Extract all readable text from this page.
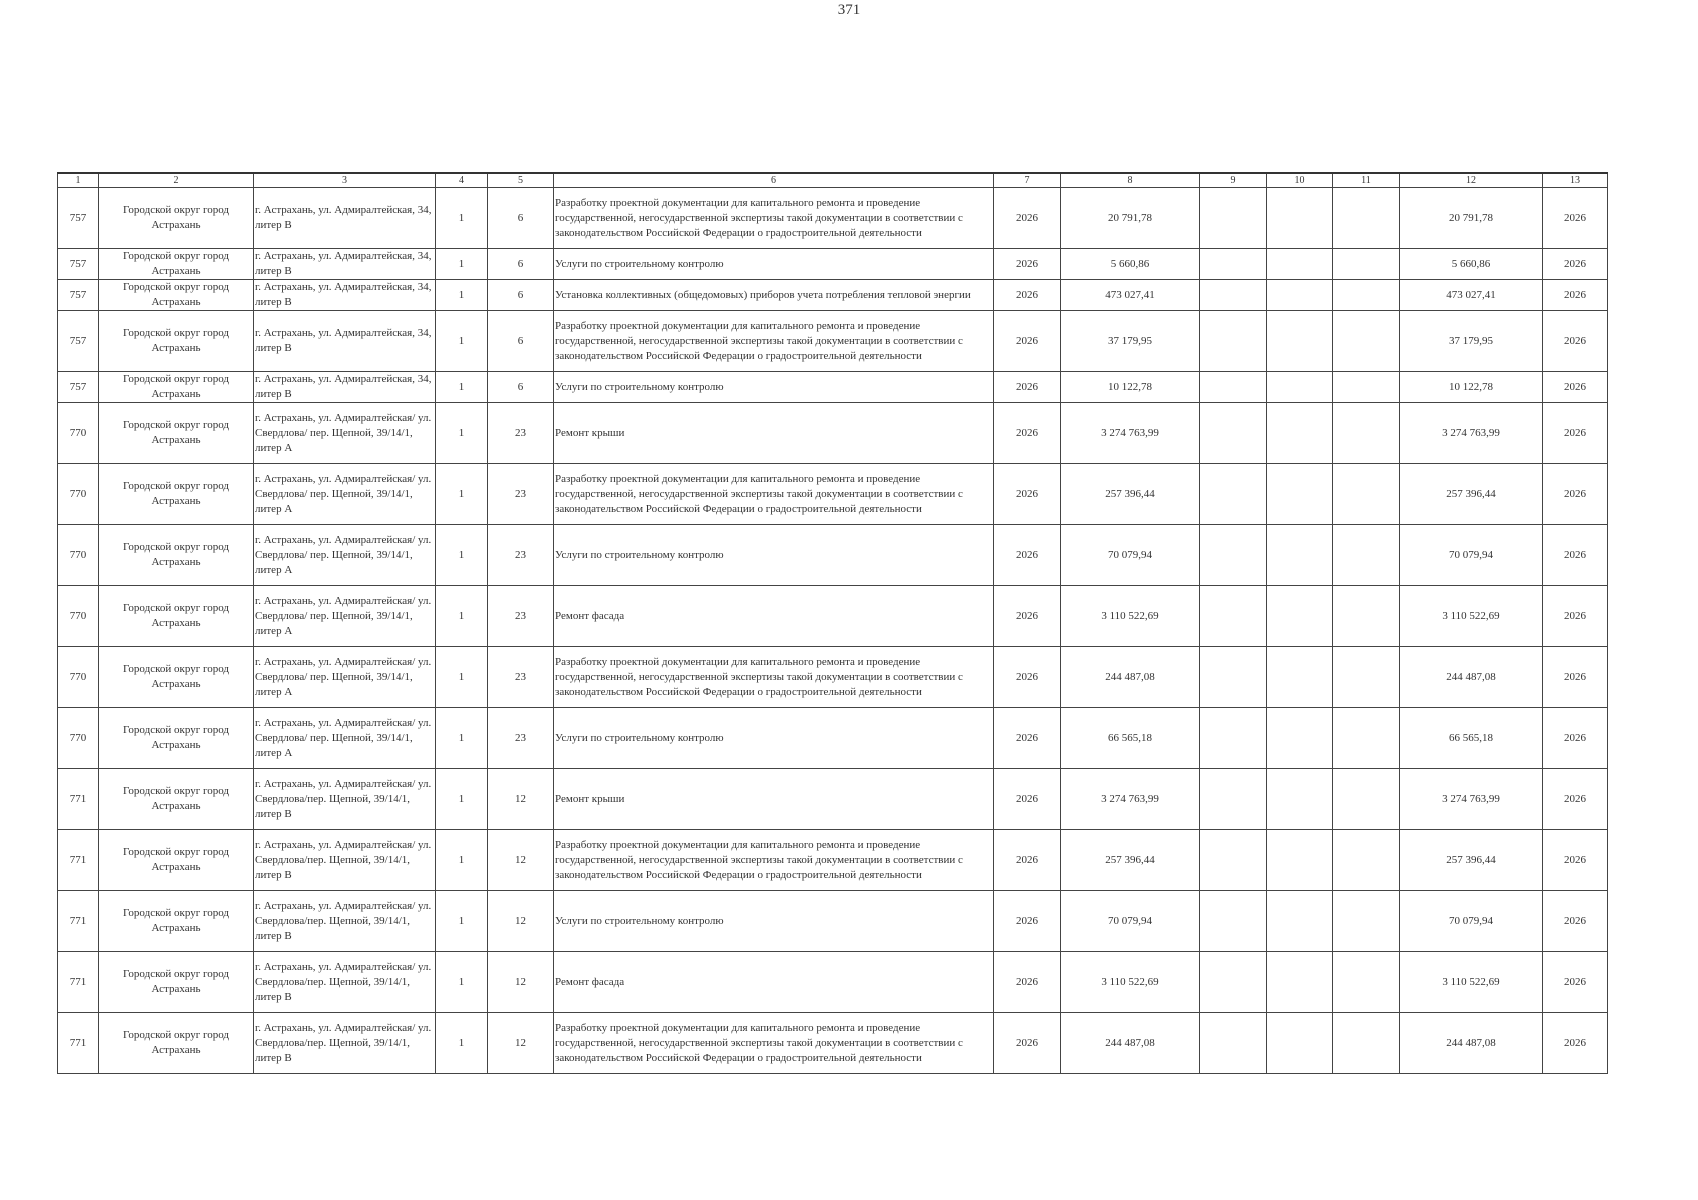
371
1	2	3	4	5	6	7	8	9	10	11	12	13
757	Городской округ город Астрахань	г. Астрахань, ул. Адмиралтейская, 34, литер В	1	6	Разработку проектной документации для капитального ремонта и проведение государственной, негосударственной экспертизы такой документации в соответствии с законодательством Российской Федерации о градостроительной деятельности	2026	20 791,78				20 791,78	2026
757	Городской округ город Астрахань	г. Астрахань, ул. Адмиралтейская, 34, литер В	1	6	Услуги по строительному контролю	2026	5 660,86				5 660,86	2026
757	Городской округ город Астрахань	г. Астрахань, ул. Адмиралтейская, 34, литер В	1	6	Установка коллективных (общедомовых) приборов учета потребления тепловой энергии	2026	473 027,41				473 027,41	2026
757	Городской округ город Астрахань	г. Астрахань, ул. Адмиралтейская, 34, литер В	1	6	Разработку проектной документации для капитального ремонта и проведение государственной, негосударственной экспертизы такой документации в соответствии с законодательством Российской Федерации о градостроительной деятельности	2026	37 179,95				37 179,95	2026
757	Городской округ город Астрахань	г. Астрахань, ул. Адмиралтейская, 34, литер В	1	6	Услуги по строительному контролю	2026	10 122,78				10 122,78	2026
770	Городской округ город Астрахань	г. Астрахань, ул. Адмиралтейская/ ул. Свердлова/ пер. Щепной, 39/14/1, литер А	1	23	Ремонт крыши	2026	3 274 763,99				3 274 763,99	2026
770	Городской округ город Астрахань	г. Астрахань, ул. Адмиралтейская/ ул. Свердлова/ пер. Щепной, 39/14/1, литер А	1	23	Разработку проектной документации для капитального ремонта и проведение государственной, негосударственной экспертизы такой документации в соответствии с законодательством Российской Федерации о градостроительной деятельности	2026	257 396,44				257 396,44	2026
770	Городской округ город Астрахань	г. Астрахань, ул. Адмиралтейская/ ул. Свердлова/ пер. Щепной, 39/14/1, литер А	1	23	Услуги по строительному контролю	2026	70 079,94				70 079,94	2026
770	Городской округ город Астрахань	г. Астрахань, ул. Адмиралтейская/ ул. Свердлова/ пер. Щепной, 39/14/1, литер А	1	23	Ремонт фасада	2026	3 110 522,69				3 110 522,69	2026
770	Городской округ город Астрахань	г. Астрахань, ул. Адмиралтейская/ ул. Свердлова/ пер. Щепной, 39/14/1, литер А	1	23	Разработку проектной документации для капитального ремонта и проведение государственной, негосударственной экспертизы такой документации в соответствии с законодательством Российской Федерации о градостроительной деятельности	2026	244 487,08				244 487,08	2026
770	Городской округ город Астрахань	г. Астрахань, ул. Адмиралтейская/ ул. Свердлова/ пер. Щепной, 39/14/1, литер А	1	23	Услуги по строительному контролю	2026	66 565,18				66 565,18	2026
771	Городской округ город Астрахань	г. Астрахань, ул. Адмиралтейская/ ул. Свердлова/пер. Щепной, 39/14/1, литер В	1	12	Ремонт крыши	2026	3 274 763,99				3 274 763,99	2026
771	Городской округ город Астрахань	г. Астрахань, ул. Адмиралтейская/ ул. Свердлова/пер. Щепной, 39/14/1, литер В	1	12	Разработку проектной документации для капитального ремонта и проведение государственной, негосударственной экспертизы такой документации в соответствии с законодательством Российской Федерации о градостроительной деятельности	2026	257 396,44				257 396,44	2026
771	Городской округ город Астрахань	г. Астрахань, ул. Адмиралтейская/ ул. Свердлова/пер. Щепной, 39/14/1, литер В	1	12	Услуги по строительному контролю	2026	70 079,94				70 079,94	2026
771	Городской округ город Астрахань	г. Астрахань, ул. Адмиралтейская/ ул. Свердлова/пер. Щепной, 39/14/1, литер В	1	12	Ремонт фасада	2026	3 110 522,69				3 110 522,69	2026
771	Городской округ город Астрахань	г. Астрахань, ул. Адмиралтейская/ ул. Свердлова/пер. Щепной, 39/14/1, литер В	1	12	Разработку проектной документации для капитального ремонта и проведение государственной, негосударственной экспертизы такой документации в соответствии с законодательством Российской Федерации о градостроительной деятельности	2026	244 487,08				244 487,08	2026
